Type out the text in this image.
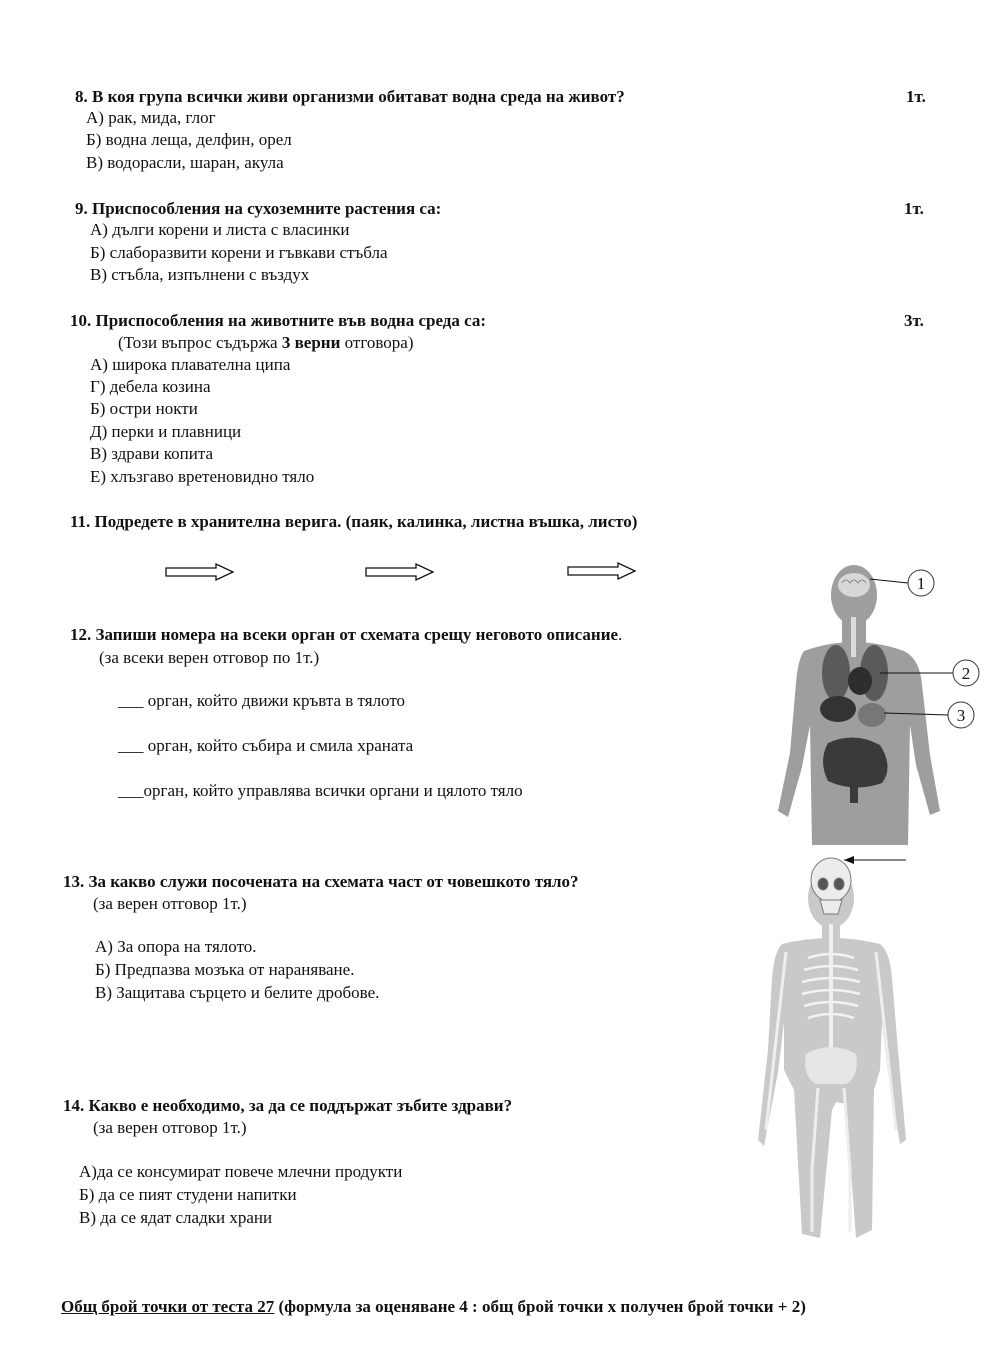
8. В коя група всички живи организми обитават водна среда на живот?	1т.
А) рак, мида, глог
Б) водна леща, делфин, орел
В) водорасли, шаран, акула
9. Приспособления на сухоземните растения са:	1т.
А) дълги корени и листа с власинки
Б) слаборазвити корени и гъвкави стъбла
В) стъбла, изпълнени с въздух
10. Приспособления на животните във водна среда са:	3т.
(Този въпрос съдържа 3 верни отговора)
А) широка плавателна ципа
Г) дебела козина
Б) остри нокти
Д) перки и плавници
В) здрави копита
Е) хлъзгаво вретеновидно тяло
11. Подредете в хранителна верига. (паяк, калинка, листна въшка, листо)
12. Запиши номера на всеки орган от схемата срещу неговото описание.
(за всеки верен отговор по 1т.)
___ орган, който движи кръвта в тялото
___ орган, който събира и смила храната
___орган, който управлява всички органи и цялото тяло
1
2
3
13. За какво служи посочената на схемата част от човешкото тяло?
(за верен отговор 1т.)
А) За опора на тялото.
Б) Предпазва мозъка от нараняване.
В) Защитава сърцето и белите дробове.
14. Какво е необходимо, за да се поддържат зъбите здрави?
(за верен отговор 1т.)
А)да се консумират повече млечни продукти
Б) да се пият студени напитки
В) да се ядат сладки храни
Общ брой точки от теста 27 (формула за оценяване 4 : общ брой точки х получен брой точки + 2)
